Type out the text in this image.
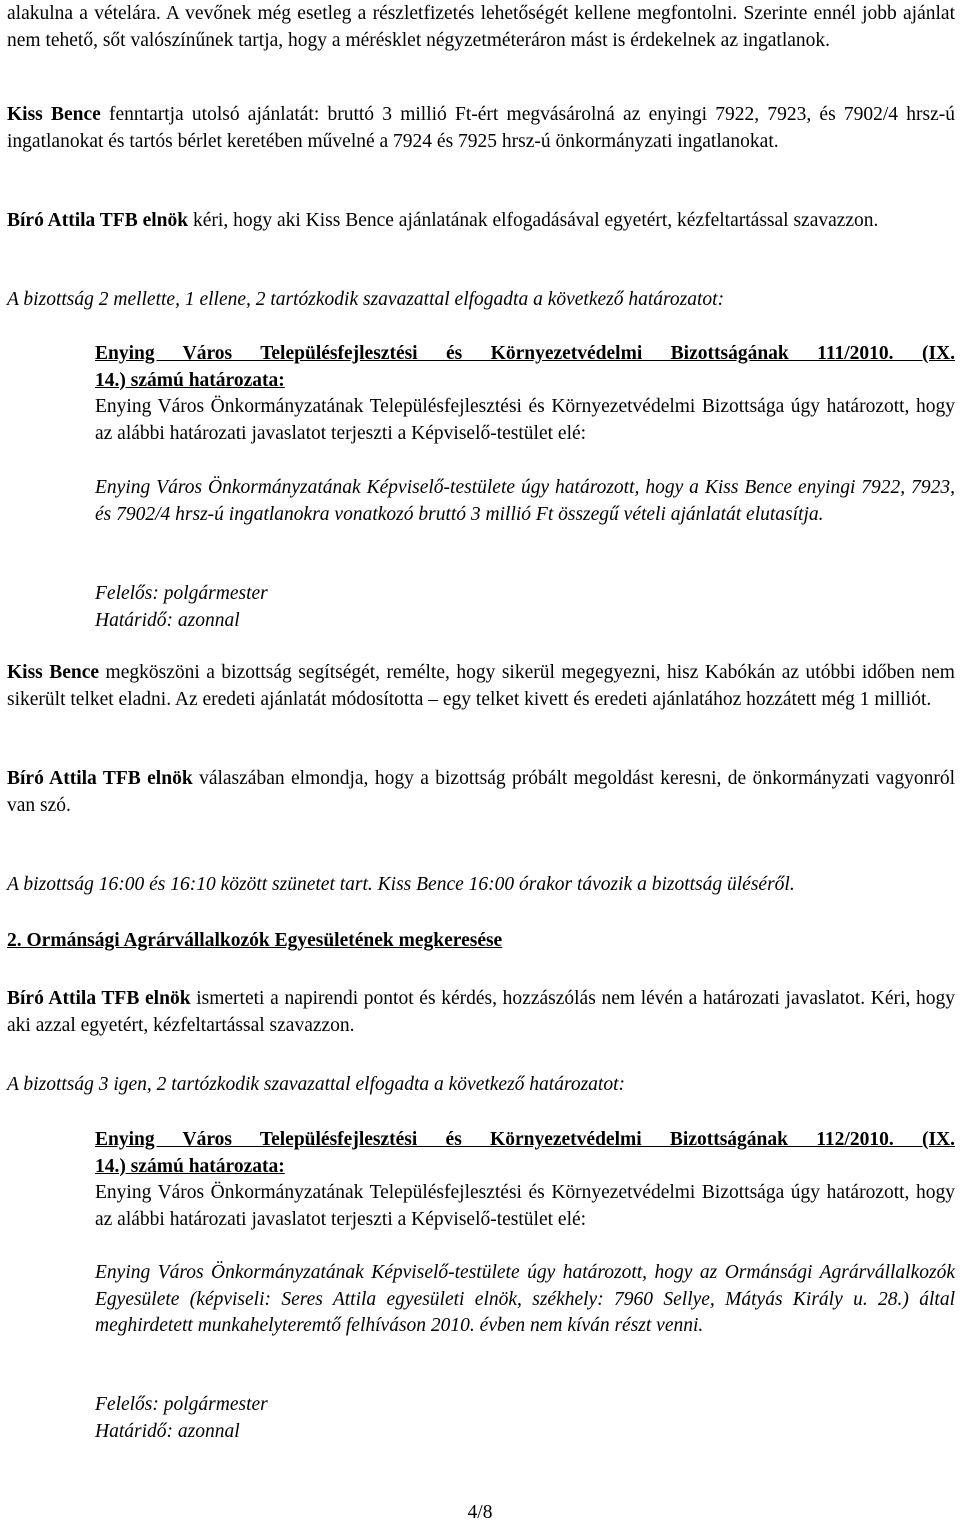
alakulna a vételára. A vevőnek még esetleg a részletfizetés lehetőségét kellene megfontolni. Szerinte ennél jobb ajánlat nem tehető, sőt valószínűnek tartja, hogy a mérésklet négyzetméteráron mást is érdekelnek az ingatlanok.

Kiss Bence fenntartja utolsó ajánlatát: bruttó 3 millió Ft-ért megvásárolná az enyingi 7922, 7923, és 7902/4 hrsz-ú ingatlanokat és tartós bérlet keretében művelné a 7924 és 7925 hrsz-ú önkormányzati ingatlanokat.

Bíró Attila TFB elnök kéri, hogy aki Kiss Bence ajánlatának elfogadásával egyetért, kézfeltartással szavazzon.

A bizottság 2 mellette, 1 ellene, 2 tartózkodik szavazattal elfogadta a következő határozatot:

Enying Város Településfejlesztési és Környezetvédelmi Bizottságának 111/2010. (IX.
14.) számú határozata:
Enying Város Önkormányzatának Településfejlesztési és Környezetvédelmi Bizottsága úgy határozott, hogy az alábbi határozati javaslatot terjeszti a Képviselő-testület elé:

Enying Város Önkormányzatának Képviselő-testülete úgy határozott, hogy a Kiss Bence enyingi 7922, 7923, és 7902/4 hrsz-ú ingatlanokra vonatkozó bruttó 3 millió Ft összegű vételi ajánlatát elutasítja.

Felelős: polgármester
Határidő: azonnal

Kiss Bence megköszöni a bizottság segítségét, remélte, hogy sikerül megegyezni, hisz Kabókán az utóbbi időben nem sikerült telket eladni. Az eredeti ajánlatát módosította – egy telket kivett és eredeti ajánlatához hozzátett még 1 milliót.

Bíró Attila TFB elnök válaszában elmondja, hogy a bizottság próbált megoldást keresni, de önkormányzati vagyonról van szó.

A bizottság 16:00 és 16:10 között szünetet tart. Kiss Bence 16:00 órakor távozik a bizottság üléséről.

2. Ormánsági Agrárvállalkozók Egyesületének megkeresése

Bíró Attila TFB elnök ismerteti a napirendi pontot és kérdés, hozzászólás nem lévén a határozati javaslatot. Kéri, hogy aki azzal egyetért, kézfeltartással szavazzon.

A bizottság 3 igen, 2 tartózkodik szavazattal elfogadta a következő határozatot:

Enying Város Településfejlesztési és Környezetvédelmi Bizottságának 112/2010. (IX.
14.) számú határozata:
Enying Város Önkormányzatának Településfejlesztési és Környezetvédelmi Bizottsága úgy határozott, hogy az alábbi határozati javaslatot terjeszti a Képviselő-testület elé:

Enying Város Önkormányzatának Képviselő-testülete úgy határozott, hogy az Ormánsági Agrárvállalkozók Egyesülete (képviseli: Seres Attila egyesületi elnök, székhely: 7960 Sellye, Mátyás Király u. 28.) által meghirdetett munkahelyteremtő felhíváson 2010. évben nem kíván részt venni.

Felelős: polgármester
Határidő: azonnal
4/8
